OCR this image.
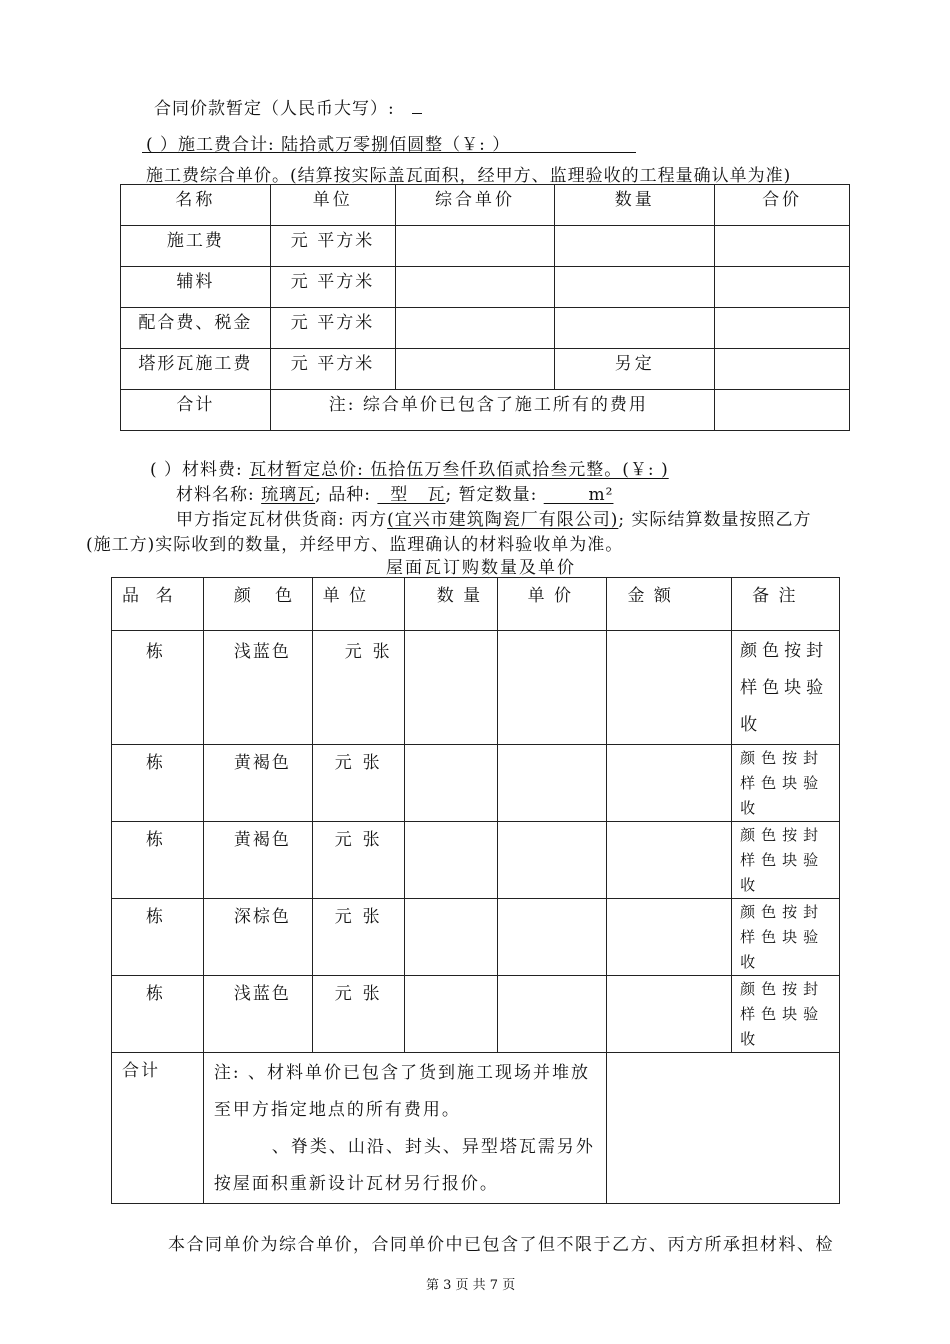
合同价款暂定（人民币大写）:
( ）施工费合计: 陆拾贰万零捌佰圆整（￥: ）
施工费综合单价。(结算按实际盖瓦面积，经甲方、监理验收的工程量确认单为准)
名称	单位	综合单价	数量	合价
施工费	元 平方米			
辅料	元 平方米			
配合费、税金	元 平方米			
塔形瓦施工费	元 平方米		另定	
合计	注: 综合单价已包含了施工所有的费用			
( ）材料费: 瓦材暂定总价: 伍拾伍万叁仟玖佰贰拾叁元整。(￥: )
材料名称: 琉璃瓦; 品种:   型   瓦; 暂定数量:        m²
甲方指定瓦材供货商: 丙方(宜兴市建筑陶瓷厂有限公司); 实际结算数量按照乙方
(施工方)实际收到的数量，并经甲方、监理确认的材料验收单为准。
屋面瓦订购数量及单价
品  名	颜   色	单 位	数 量	单 价	金 额	备 注
栋	浅蓝色	元  张				颜色按封样色块验收

栋	黄褐色	元  张				颜色按封样色块验收

栋	黄褐色	元  张				颜色按封样色块验收

栋	深棕色	元  张				颜色按封样色块验收

栋	浅蓝色	元  张				颜色按封样色块验收

合计	注: 、材料单价已包含了货到施工现场并堆放至甲方指定地点的所有费用。
、脊类、山沿、封头、异型塔瓦需另外按屋面积重新设计瓦材另行报价。					

本合同单价为综合单价，合同单价中已包含了但不限于乙方、丙方所承担材料、检
第 3 页 共 7 页
